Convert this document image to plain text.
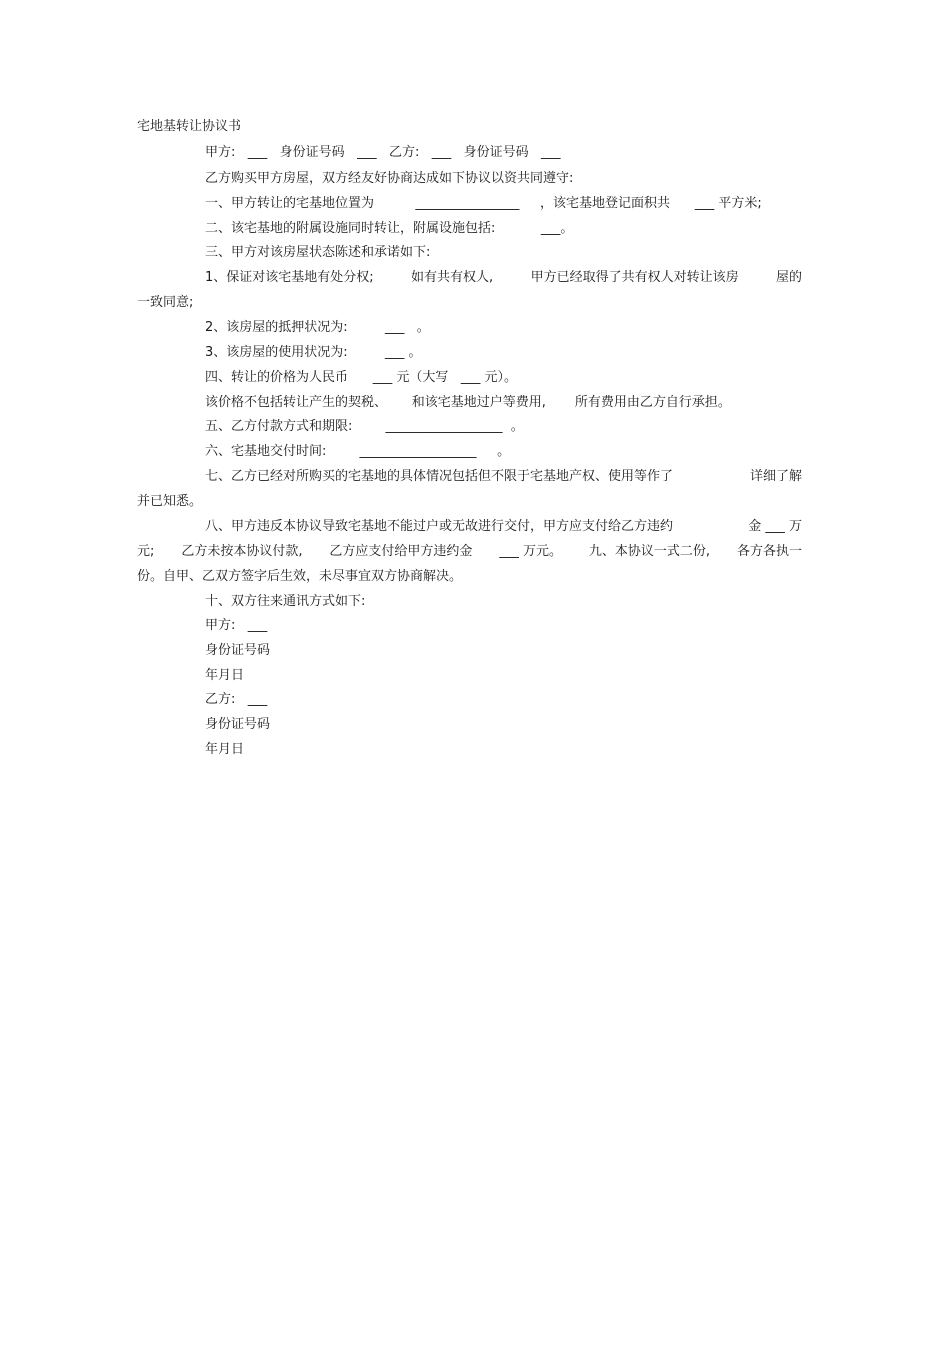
宅地基转让协议书
甲方:   ___   身份证号码   ___   乙方:   ___   身份证号码   ___
乙方购买甲方房屋，双方经友好协商达成如下协议以资共同遵守:
一、甲方转让的宅基地位置为          ________________     ，该宅基地登记面积共      ___ 平方米;
二、该宅基地的附属设施同时转让，附属设施包括:           ___。
三、甲方对该房屋状态陈述和承诺如下:
1、保证对该宅基地有处分权;	如有共有权人,	甲方已经取得了共有权人对转让该房	屋的
一致同意;
2、该房屋的抵押状况为:         ___   。
3、该房屋的使用状况为:         ___ 。
四、转让的价格为人民币      ___ 元（大写   ___ 元）。
该价格不包括转让产生的契税、      和该宅基地过户等费用,       所有费用由乙方自行承担。
五、乙方付款方式和期限:        __________________  。
六、宅基地交付时间:        __________________     。
七、乙方已经对所购买的宅基地的具体情况包括但不限于宅基地产权、使用等作了	详细了解
并已知悉。
八、甲方违反本协议导致宅基地不能过户或无故进行交付，甲方应支付给乙方违约	金 ___ 万
元; 乙方未按本协议付款, 乙方应支付给甲方违约金 ___ 万元。 九、本协议一式二份, 各方各执一
份。自甲、乙双方签字后生效，未尽事宜双方协商解决。
十、双方往来通讯方式如下:
甲方:   ___
身份证号码
年月日
乙方:   ___
身份证号码
年月日
